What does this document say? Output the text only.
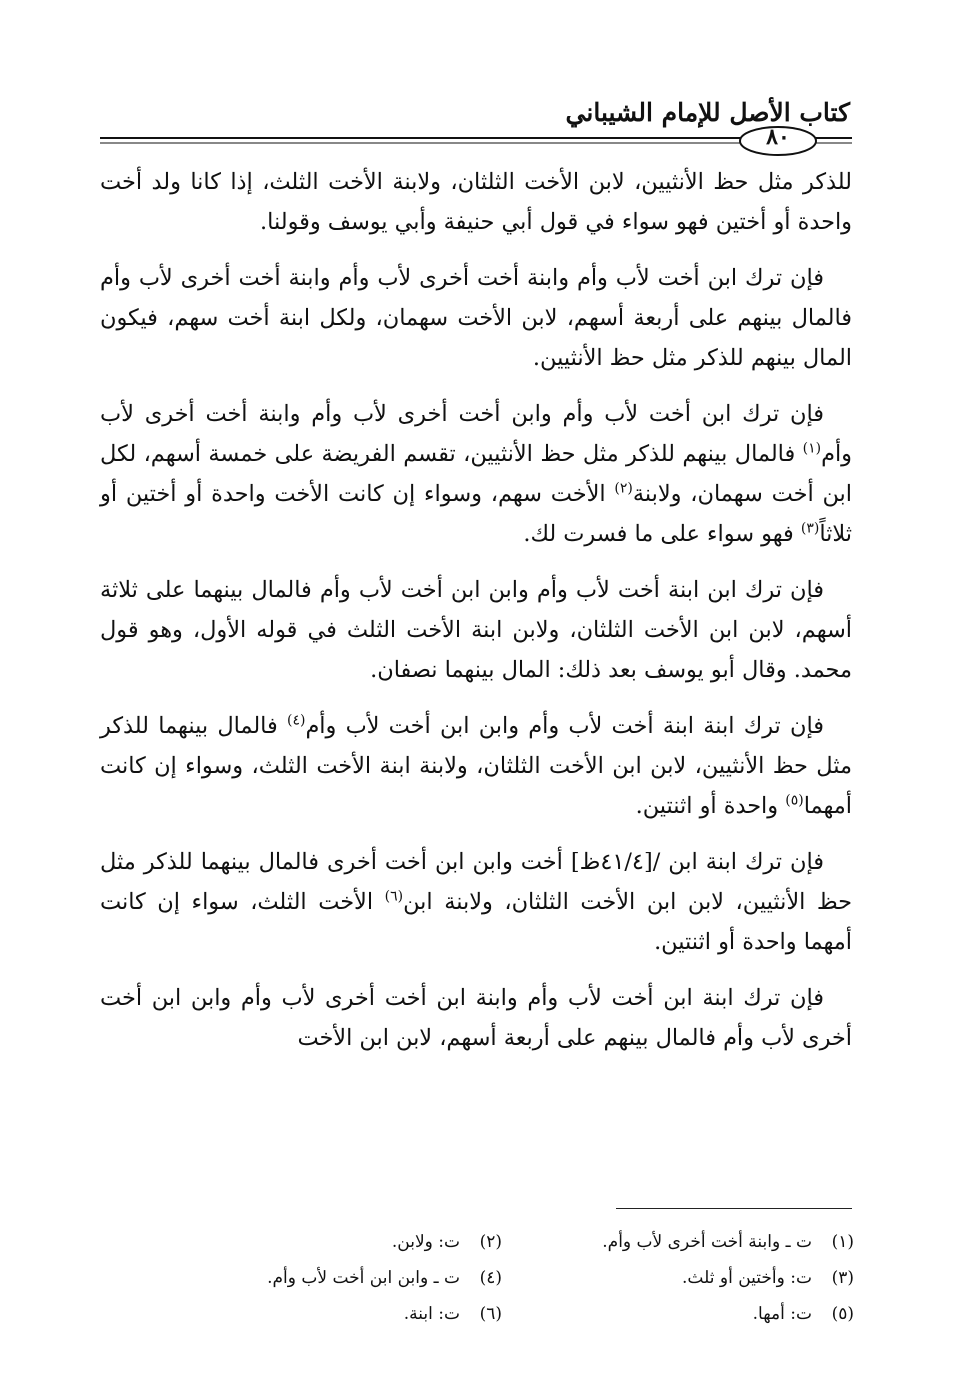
كتاب الأصل للإمام الشيباني
٨٠

للذكر مثل حظ الأنثيين، لابن الأخت الثلثان، ولابنة الأخت الثلث، إذا كانا ولد أخت واحدة أو أختين فهو سواء في قول أبي حنيفة وأبي يوسف وقولنا.

فإن ترك ابن أخت لأب وأم وابنة أخت أخرى لأب وأم وابنة أخت أخرى لأب وأم فالمال بينهم على أربعة أسهم، لابن الأخت سهمان، ولكل ابنة أخت سهم، فيكون المال بينهم للذكر مثل حظ الأنثيين.

فإن ترك ابن أخت لأب وأم وابن أخت أخرى لأب وأم وابنة أخت أخرى لأب وأم$^{(١)}$ فالمال بينهم للذكر مثل حظ الأنثيين، تقسم الفريضة على خمسة أسهم، لكل ابن أخت سهمان، ولابنة$^{(٢)}$ الأخت سهم، وسواء إن كانت الأخت واحدة أو أختين أو ثلاثاً$^{(٣)}$ فهو سواء على ما فسرت لك.

فإن ترك ابن ابنة أخت لأب وأم وابن ابن أخت لأب وأم فالمال بينهما على ثلاثة أسهم، لابن ابن الأخت الثلثان، ولابن ابنة الأخت الثلث في قوله الأول، وهو قول محمد. وقال أبو يوسف بعد ذلك: المال بينهما نصفان.

فإن ترك ابنة ابنة أخت لأب وأم وابن ابن أخت لأب وأم$^{(٤)}$ فالمال بينهما للذكر مثل حظ الأنثيين، لابن ابن الأخت الثلثان، ولابنة ابنة الأخت الثلث، وسواء إن كانت أمهما$^{(٥)}$ واحدة أو اثنتين.

فإن ترك ابنة ابن /[٤١/٤ظ] أخت وابن ابن أخت أخرى فالمال بينهما للذكر مثل حظ الأنثيين، لابن ابن الأخت الثلثان، ولابنة ابن$^{(٦)}$ الأخت الثلث، سواء إن كانت أمهما واحدة أو اثنتين.

فإن ترك ابنة ابن أخت لأب وأم وابنة ابن أخت أخرى لأب وأم وابن ابن أخت أخرى لأب وأم فالمال بينهم على أربعة أسهم، لابن ابن الأخت

(١)ت ـ وابنة أخت أخرى لأب وأم.
(٢)ت: ولابن.
(٣)ت: وأختين أو ثلث.
(٤)ت ـ وابن ابن أخت لأب وأم.
(٥)ت: أمها.
(٦)ت: ابنة.
